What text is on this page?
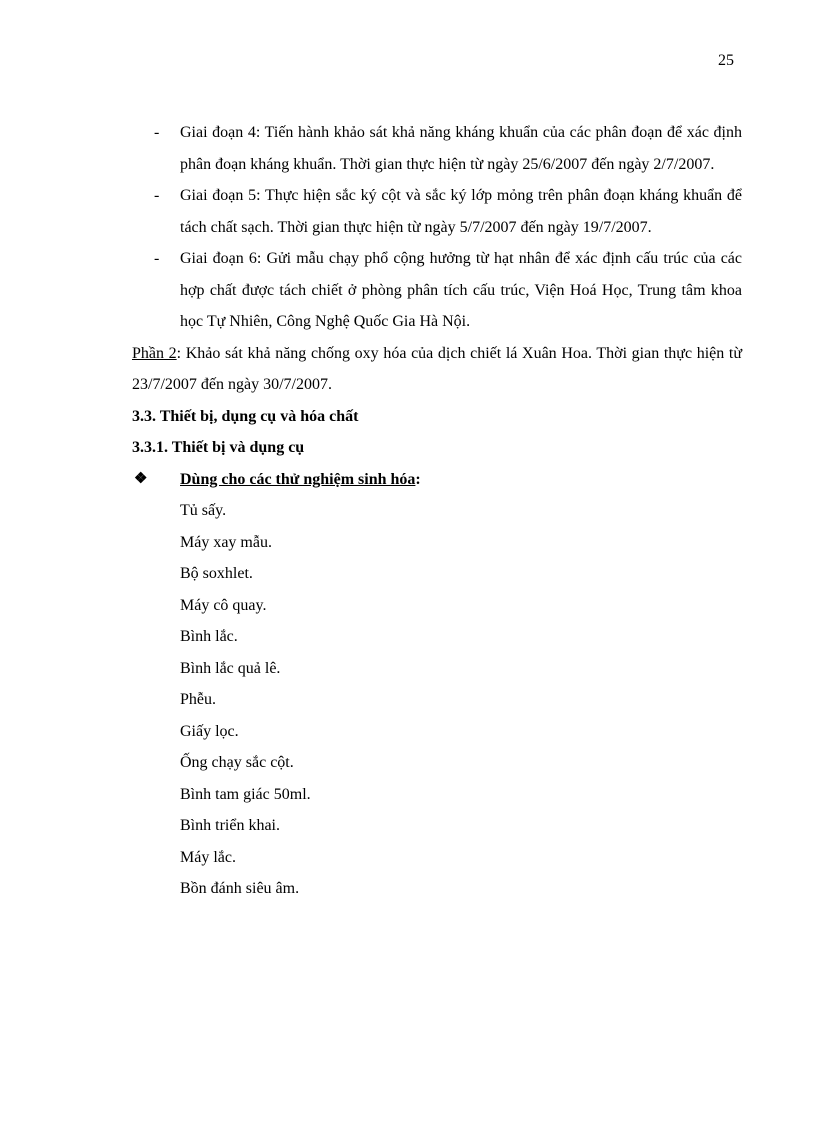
25
- Giai đoạn 4: Tiến hành khảo sát khả năng kháng khuẩn của các phân đoạn để xác định phân đoạn kháng khuẩn. Thời gian thực hiện từ ngày 25/6/2007 đến ngày 2/7/2007.
- Giai đoạn 5: Thực hiện sắc ký cột và sắc ký lớp mỏng trên phân đoạn kháng khuẩn để tách chất sạch. Thời gian thực hiện từ ngày 5/7/2007 đến ngày 19/7/2007.
- Giai đoạn 6: Gửi mẫu chạy phổ cộng hưởng từ hạt nhân để xác định cấu trúc của các hợp chất được tách chiết ở phòng phân tích cấu trúc, Viện Hoá Học, Trung tâm khoa học Tự Nhiên, Công Nghệ Quốc Gia Hà Nội.
Phần 2: Khảo sát khả năng chống oxy hóa của dịch chiết lá Xuân Hoa. Thời gian thực hiện từ 23/7/2007 đến ngày 30/7/2007.
3.3. Thiết bị, dụng cụ và hóa chất
3.3.1. Thiết bị và dụng cụ
❖ Dùng cho các thử nghiệm sinh hóa:
Tủ sấy.
Máy xay mẫu.
Bộ soxhlet.
Máy cô quay.
Bình lắc.
Bình lắc quả lê.
Phễu.
Giấy lọc.
Ống chạy sắc cột.
Bình tam giác 50ml.
Bình triển khai.
Máy lắc.
Bồn đánh siêu âm.
